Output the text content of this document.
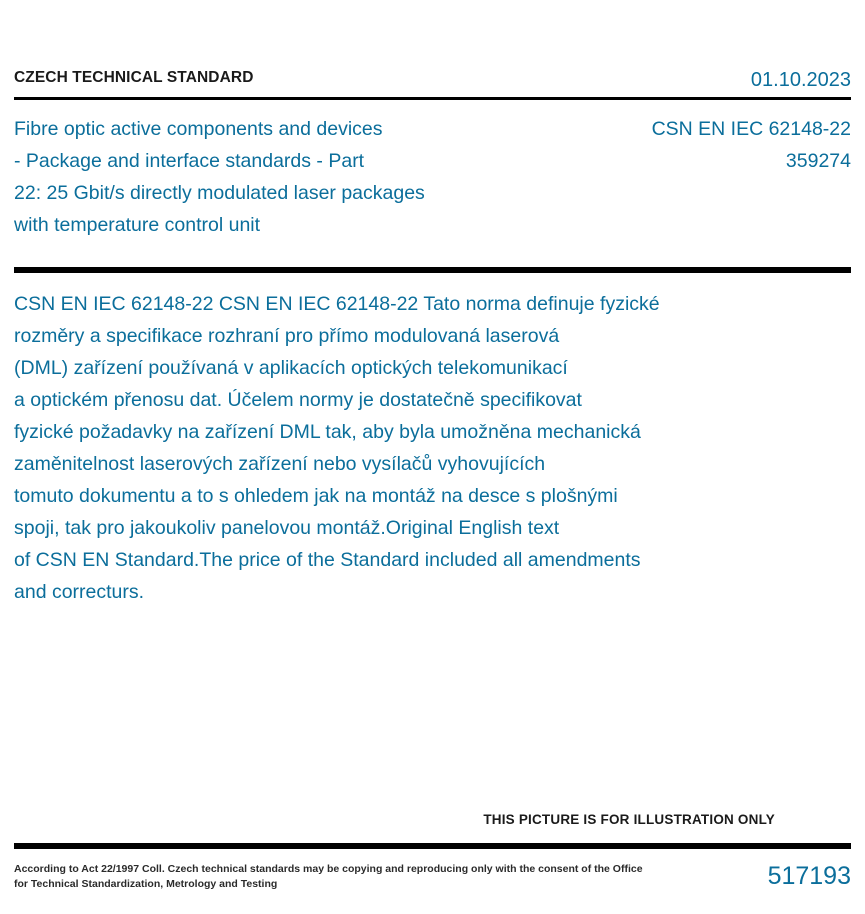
CZECH TECHNICAL STANDARD	01.10.2023
Fibre optic active components and devices
- Package and interface standards - Part
22: 25 Gbit/s directly modulated laser packages
with temperature control unit
CSN EN IEC 62148-22
359274
CSN EN IEC 62148-22 CSN EN IEC 62148-22 Tato norma definuje fyzické
rozměry a specifikace rozhraní pro přímo modulovaná laserová
(DML) zařízení používaná v aplikacích optických telekomunikací
a optickém přenosu dat. Účelem normy je dostatečně specifikovat
fyzické požadavky na zařízení DML tak, aby byla umožněna mechanická
zaměnitelnost laserových zařízení nebo vysílačů vyhovujících
tomuto dokumentu a to s ohledem jak na montáž na desce s plošnými
spoji, tak pro jakoukoliv panelovou montáž.Original English text
of CSN EN Standard.The price of the Standard included all amendments
and correcturs.
THIS PICTURE IS FOR ILLUSTRATION ONLY
According to Act 22/1997 Coll. Czech technical standards may be copying and reproducing only with the consent of the Office
for Technical Standardization, Metrology and Testing	517193
